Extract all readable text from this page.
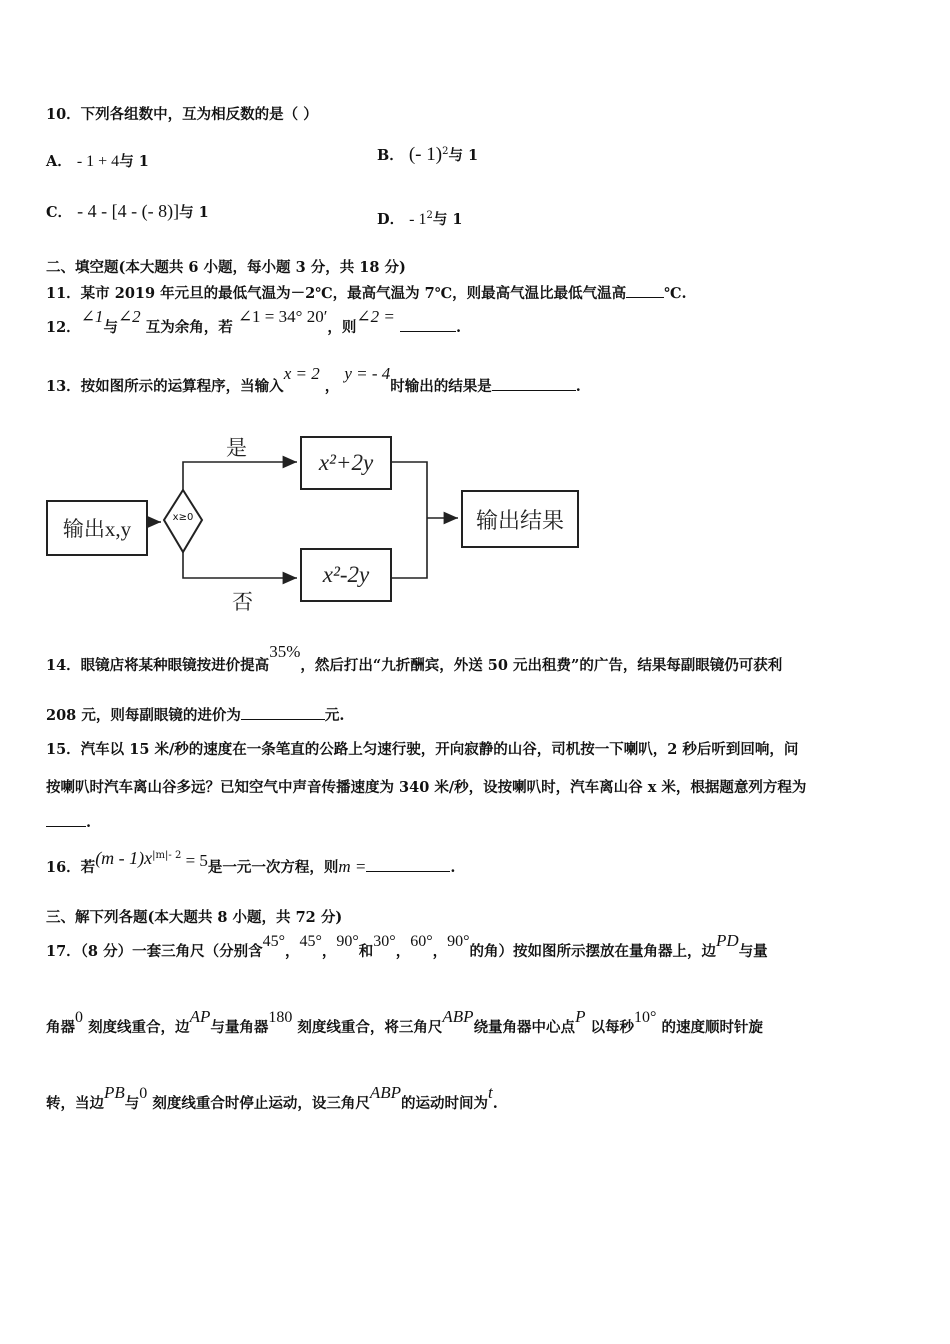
10．下列各组数中，互为相反数的是（ ）
A． - 1 + 4与 1	B． (- 1)$^2$与 1
C． - 4 - [4 - (- 8)]与 1	D． - $1^2$与 1
二、填空题(本大题共 6 小题，每小题 3 分，共 18 分)
11．某市 2019 年元旦的最低气温为－2℃，最高气温为 7℃，则最高气温比最低气温高	℃.
12．∠1与∠2 互为余角，若 ∠1 = 34° 20′，则∠2 = .
13．按如图所示的运算程序，当输入x = 2 ， y = - 4时输出的结果是	.
输出x,y	x≥0
是
否
x²+2y
x²-2y
输出结果
14．眼镜店将某种眼镜按进价提高35%，然后打出“九折酬宾，外送 50 元出租费”的广告，结果每副眼镜仍可获利
208 元，则每副眼镜的进价为	元.
15．汽车以 15 米/秒的速度在一条笔直的公路上匀速行驶，开向寂静的山谷，司机按一下喇叭，2 秒后听到回响，问
按喇叭时汽车离山谷多远？已知空气中声音传播速度为 340 米/秒，设按喇叭时，汽车离山谷 x 米，根据题意列方程为
.
16．若$(m - 1)x^{|m|- 2} = 5$是一元一次方程，则m =	.
三、解下列各题(本大题共 8 小题，共 72 分)
17．（8 分）一套三角尺（分别含45°，45°，90°和30°，60°，90°的角）按如图所示摆放在量角器上，边PD与量
角器0 刻度线重合，边AP与量角器180 刻度线重合，将三角尺ABP绕量角器中心点P 以每秒10° 的速度顺时针旋
转，当边PB与0 刻度线重合时停止运动，设三角尺ABP的运动时间为t.
